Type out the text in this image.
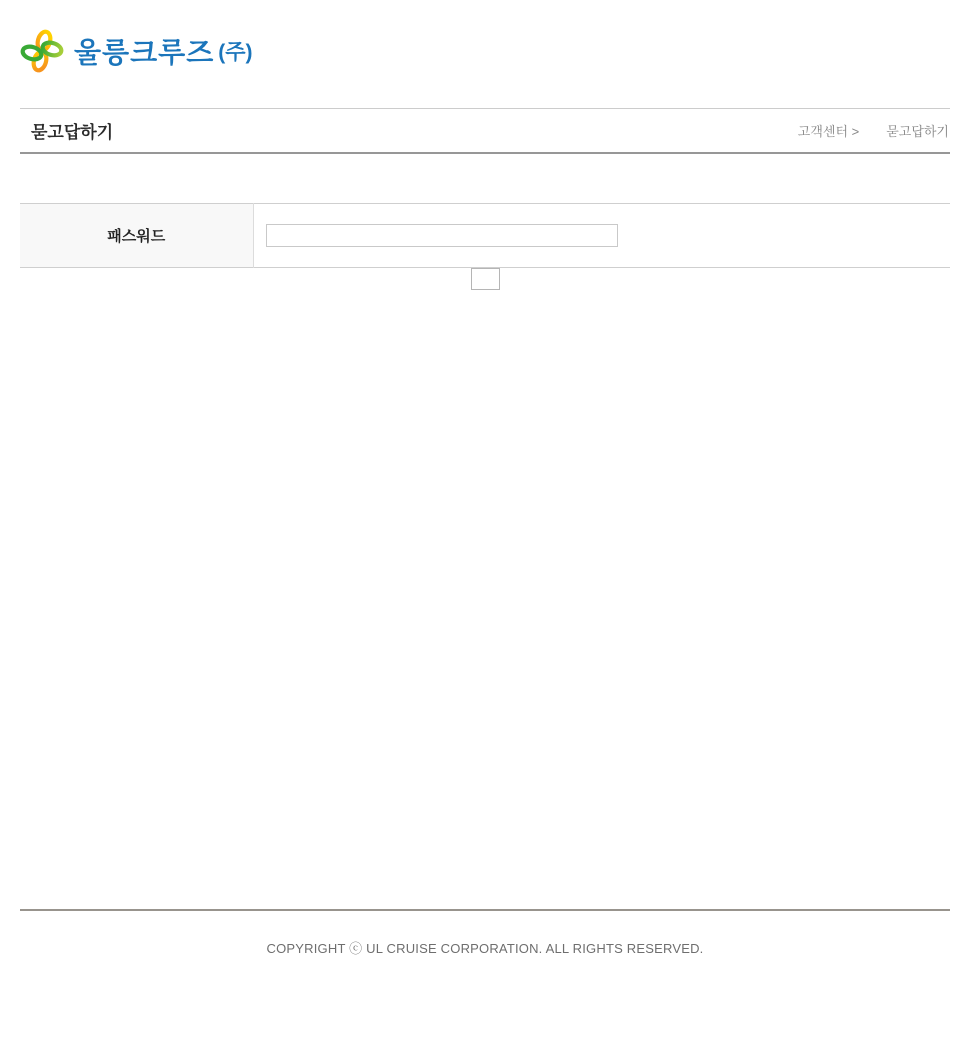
울릉크루즈 (주)
묻고답하기	고객센터 > 묻고답하기
패스워드	

COPYRIGHT ⓒ UL CRUISE CORPORATION. ALL RIGHTS RESERVED.
